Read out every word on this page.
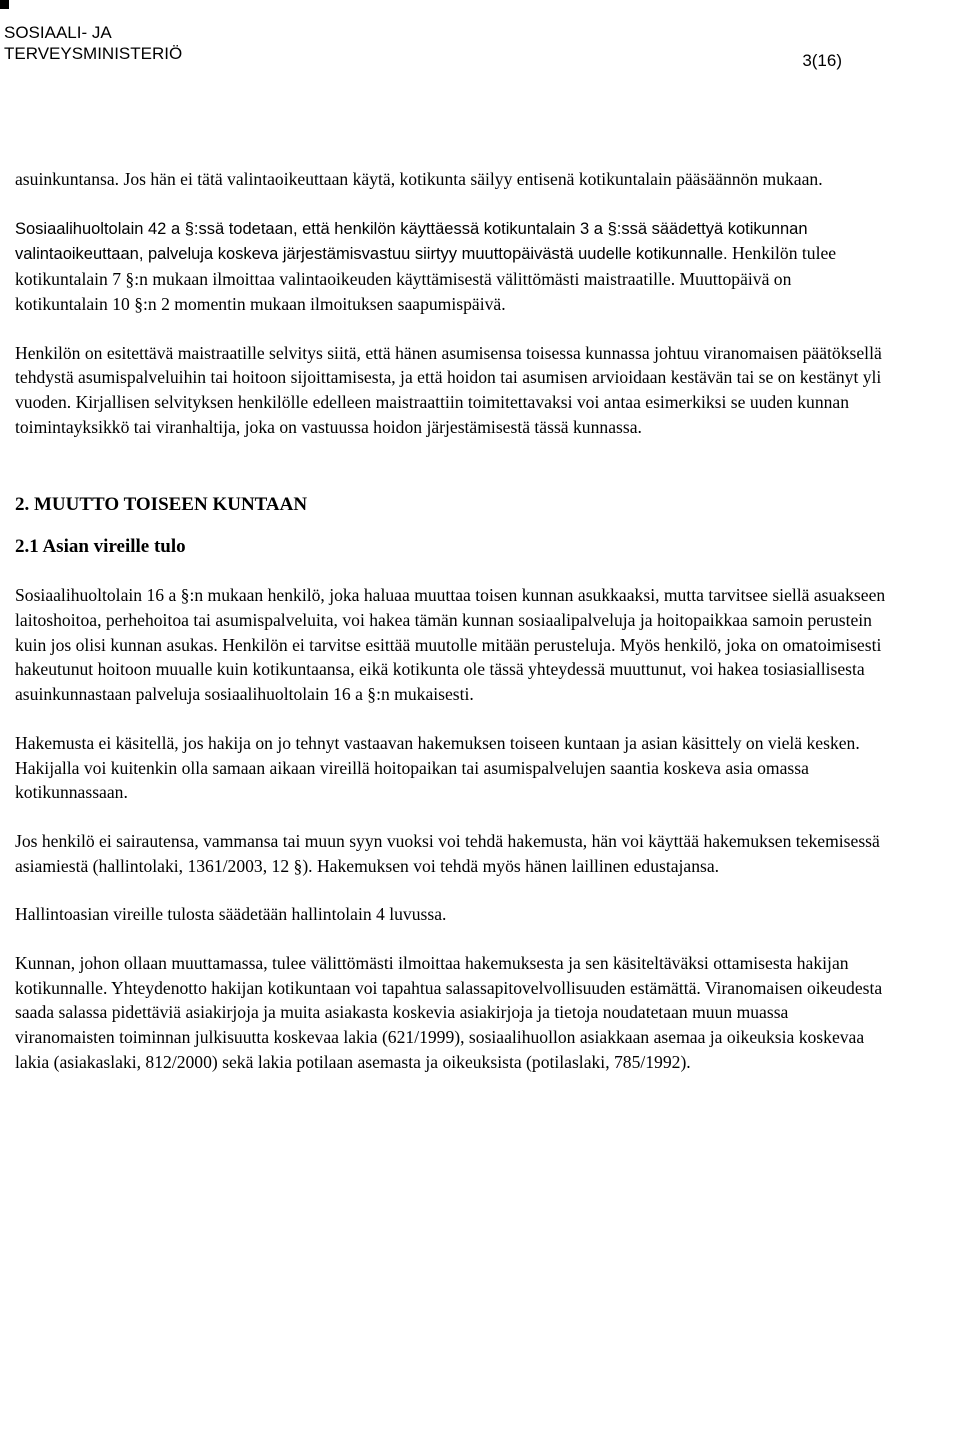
SOSIAALI- JA
TERVEYSMINISTERIÖ	3(16)

asuinkuntansa. Jos hän ei tätä valintaoikeuttaan käytä, kotikunta säilyy entisenä kotikuntalain pääsäännön mukaan.

Sosiaalihuoltolain 42 a §:ssä todetaan, että henkilön käyttäessä kotikuntalain 3 a §:ssä säädettyä kotikunnan valintaoikeuttaan, palveluja koskeva järjestämisvastuu siirtyy muuttopäivästä uudelle kotikunnalle. Henkilön tulee kotikuntalain 7 §:n mukaan ilmoittaa valintaoikeuden käyttämisestä välittömästi maistraatille. Muuttopäivä on kotikuntalain 10 §:n 2 momentin mukaan ilmoituksen saapumispäivä.

Henkilön on esitettävä maistraatille selvitys siitä, että hänen asumisensa toisessa kunnassa johtuu viranomaisen päätöksellä tehdystä asumispalveluihin tai hoitoon sijoittamisesta, ja että hoidon tai asumisen arvioidaan kestävän tai se on kestänyt yli vuoden. Kirjallisen selvityksen henkilölle edelleen maistraattiin toimitettavaksi voi antaa esimerkiksi se uuden kunnan toimintayksikkö tai viranhaltija, joka on vastuussa hoidon järjestämisestä tässä kunnassa.

2. MUUTTO TOISEEN KUNTAAN
2.1 Asian vireille tulo

Sosiaalihuoltolain 16 a §:n mukaan henkilö, joka haluaa muuttaa toisen kunnan asukkaaksi, mutta tarvitsee siellä asuakseen laitoshoitoa, perhehoitoa tai asumispalveluita, voi hakea tämän kunnan sosiaalipalveluja ja hoitopaikkaa samoin perustein kuin jos olisi kunnan asukas. Henkilön ei tarvitse esittää muutolle mitään perusteluja. Myös henkilö, joka on omatoimisesti hakeutunut hoitoon muualle kuin kotikuntaansa, eikä kotikunta ole tässä yhteydessä muuttunut, voi hakea tosiasiallisesta asuinkunnastaan palveluja sosiaalihuoltolain 16 a §:n mukaisesti.

Hakemusta ei käsitellä, jos hakija on jo tehnyt vastaavan hakemuksen toiseen kuntaan ja asian käsittely on vielä kesken. Hakijalla voi kuitenkin olla samaan aikaan vireillä hoitopaikan tai asumispalvelujen saantia koskeva asia omassa kotikunnassaan.

Jos henkilö ei sairautensa, vammansa tai muun syyn vuoksi voi tehdä hakemusta, hän voi käyttää hakemuksen tekemisessä asiamiestä (hallintolaki, 1361/2003, 12 §). Hakemuksen voi tehdä myös hänen laillinen edustajansa.

Hallintoasian vireille tulosta säädetään hallintolain 4 luvussa.

Kunnan, johon ollaan muuttamassa, tulee välittömästi ilmoittaa hakemuksesta ja sen käsiteltäväksi ottamisesta hakijan kotikunnalle. Yhteydenotto hakijan kotikuntaan voi tapahtua salassapitovelvollisuuden estämättä. Viranomaisen oikeudesta saada salassa pidettäviä asiakirjoja ja muita asiakasta koskevia asiakirjoja ja tietoja noudatetaan muun muassa viranomaisten toiminnan julkisuutta koskevaa lakia (621/1999), sosiaalihuollon asiakkaan asemaa ja oikeuksia koskevaa lakia (asiakaslaki, 812/2000) sekä lakia potilaan asemasta ja oikeuksista (potilaslaki, 785/1992).
